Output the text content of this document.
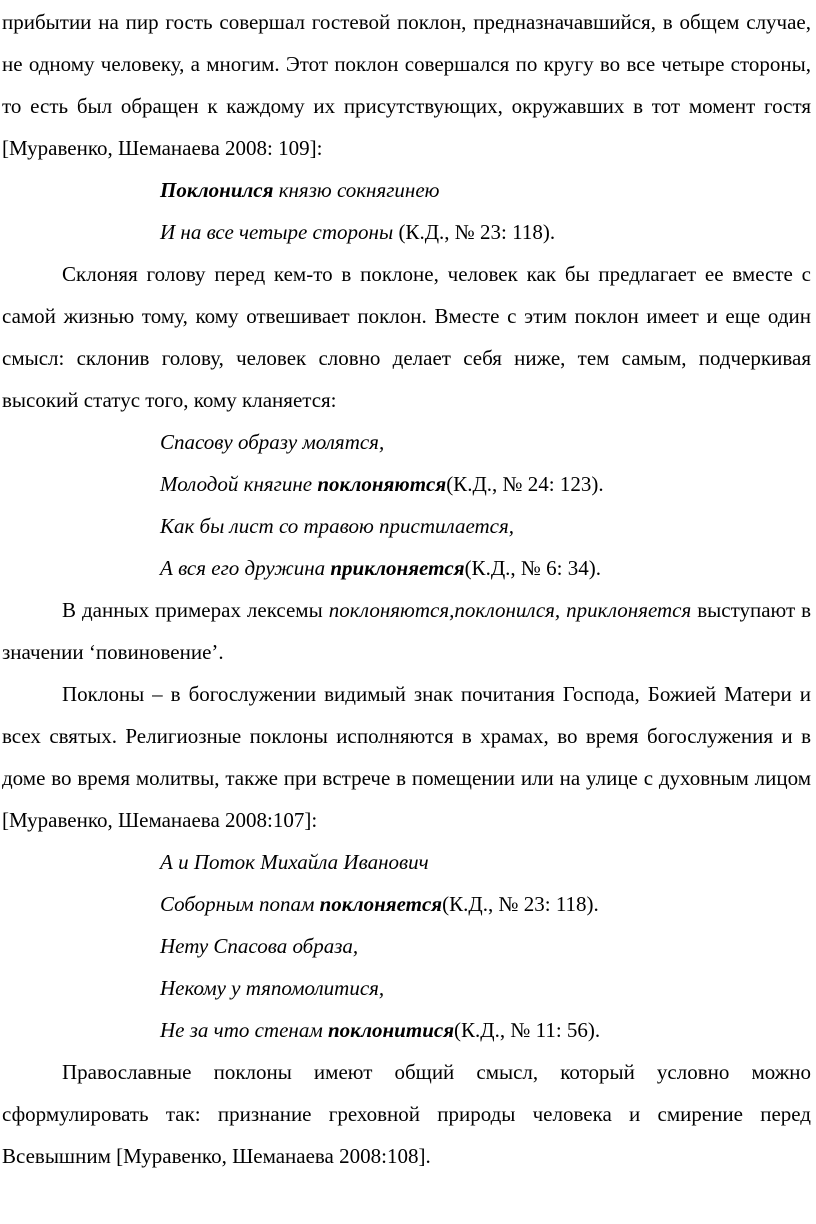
прибытии на пир гость совершал гостевой поклон, предназначавшийся, в общем случае, не одному человеку, а многим. Этот поклон совершался по кругу во все четыре стороны, то есть был обращен к каждому их присутствующих, окружавших в тот момент гостя [Муравенко, Шеманаева 2008: 109]:

Поклонился князю сокнягинею

И на все четыре стороны (К.Д., № 23: 118).

Склоняя голову перед кем-то в поклоне, человек как бы предлагает ее вместе с самой жизнью тому, кому отвешивает поклон. Вместе с этим поклон имеет и еще один смысл: склонив голову, человек словно делает себя ниже, тем самым, подчеркивая высокий статус того, кому кланяется:

Спасову образу молятся,

Молодой княгине поклоняются(К.Д., № 24: 123).

Как бы лист со травою пристилается,

А вся его дружина приклоняется(К.Д., № 6: 34).

В данных примерах лексемы поклоняются,поклонился, приклоняется выступают в значении ‘повиновение’.

Поклоны – в богослужении видимый знак почитания Господа, Божией Матери и всех святых. Религиозные поклоны исполняются в храмах, во время богослужения и в доме во время молитвы, также при встрече в помещении или на улице с духовным лицом [Муравенко, Шеманаева 2008:107]:

А и Поток Михайла Иванович

Соборным попам поклоняется(К.Д., № 23: 118).

Нету Спасова образа,

Некому у тяпомолитися,

Не за что стенам поклонитися(К.Д., № 11: 56).

Православные поклоны имеют общий смысл, который условно можно сформулировать так: признание греховной природы человека и смирение перед Всевышним [Муравенко, Шеманаева 2008:108].
